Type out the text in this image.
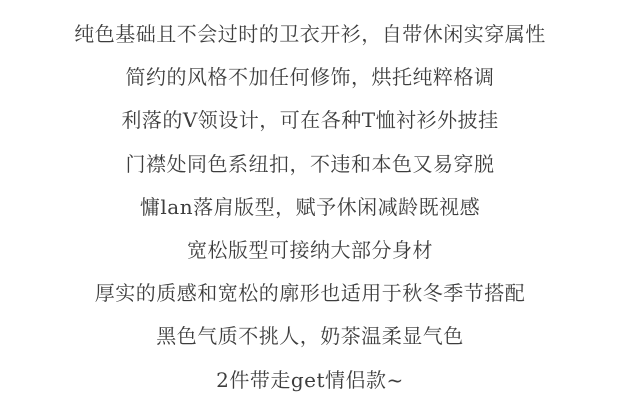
纯色基础且不会过时的卫衣开衫，自带休闲实穿属性

简约的风格不加任何修饰，烘托纯粹格调

利落的V领设计，可在各种T恤衬衫外披挂

门襟处同色系纽扣，不违和本色又易穿脱

慵lan落肩版型，赋予休闲减龄既视感

宽松版型可接纳大部分身材

厚实的质感和宽松的廓形也适用于秋冬季节搭配

黑色气质不挑人，奶茶温柔显气色

2件带走get情侣款~
